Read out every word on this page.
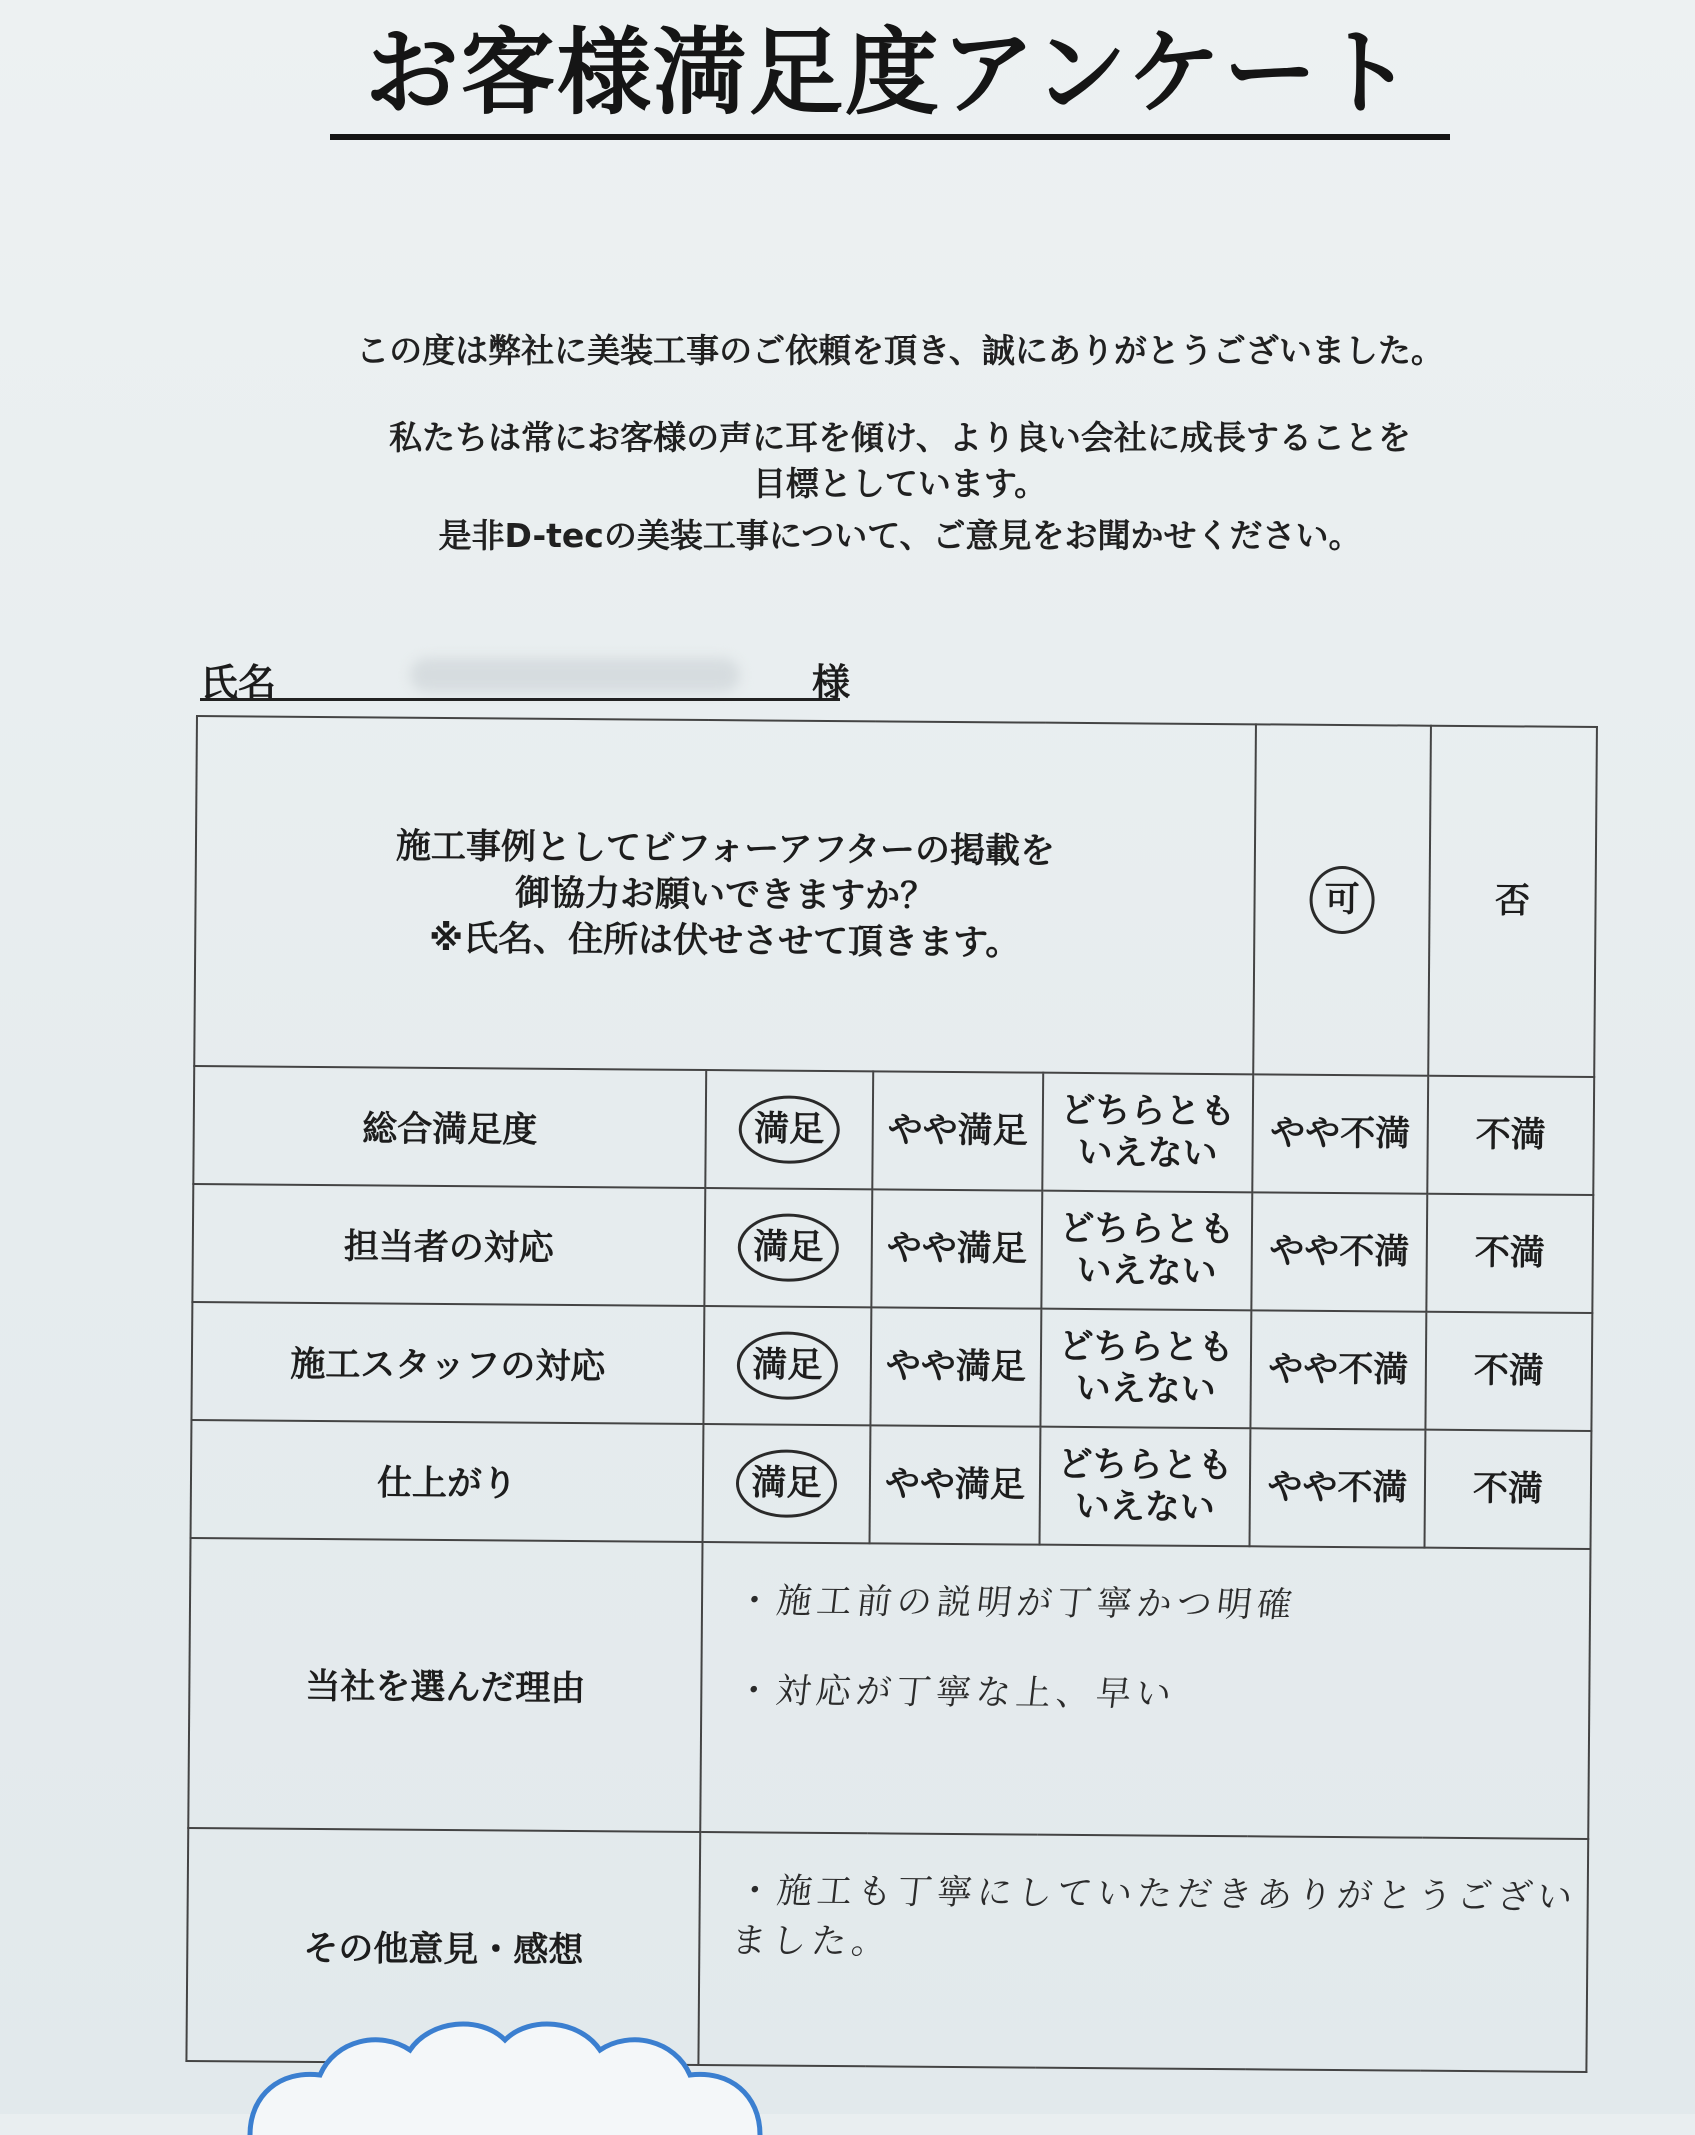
お客様満足度アンケート
この度は弊社に美装工事のご依頼を頂き、誠にありがとうございました。
私たちは常にお客様の声に耳を傾け、より良い会社に成長することを
目標としています。
是非D-tecの美装工事について、ご意見をお聞かせください。
氏名	様
施工事例としてビフォーアフターの掲載を
御協力お願いできますか？
※氏名、住所は伏せさせて頂きます。				可	否
総合満足度	満足	やや満足	どちらとも
いえない	やや不満	不満
担当者の対応	満足	やや満足	どちらとも
いえない	やや不満	不満
施工スタッフの対応	満足	やや満足	どちらとも
いえない	やや不満	不満
仕上がり	満足	やや満足	どちらとも
いえない	やや不満	不満
当社を選んだ理由	・施工前の説明が丁寧かつ明確
・対応が丁寧な上、早い				

その他意見・感想	・施工も丁寧にしていただきありがとうございました。				
